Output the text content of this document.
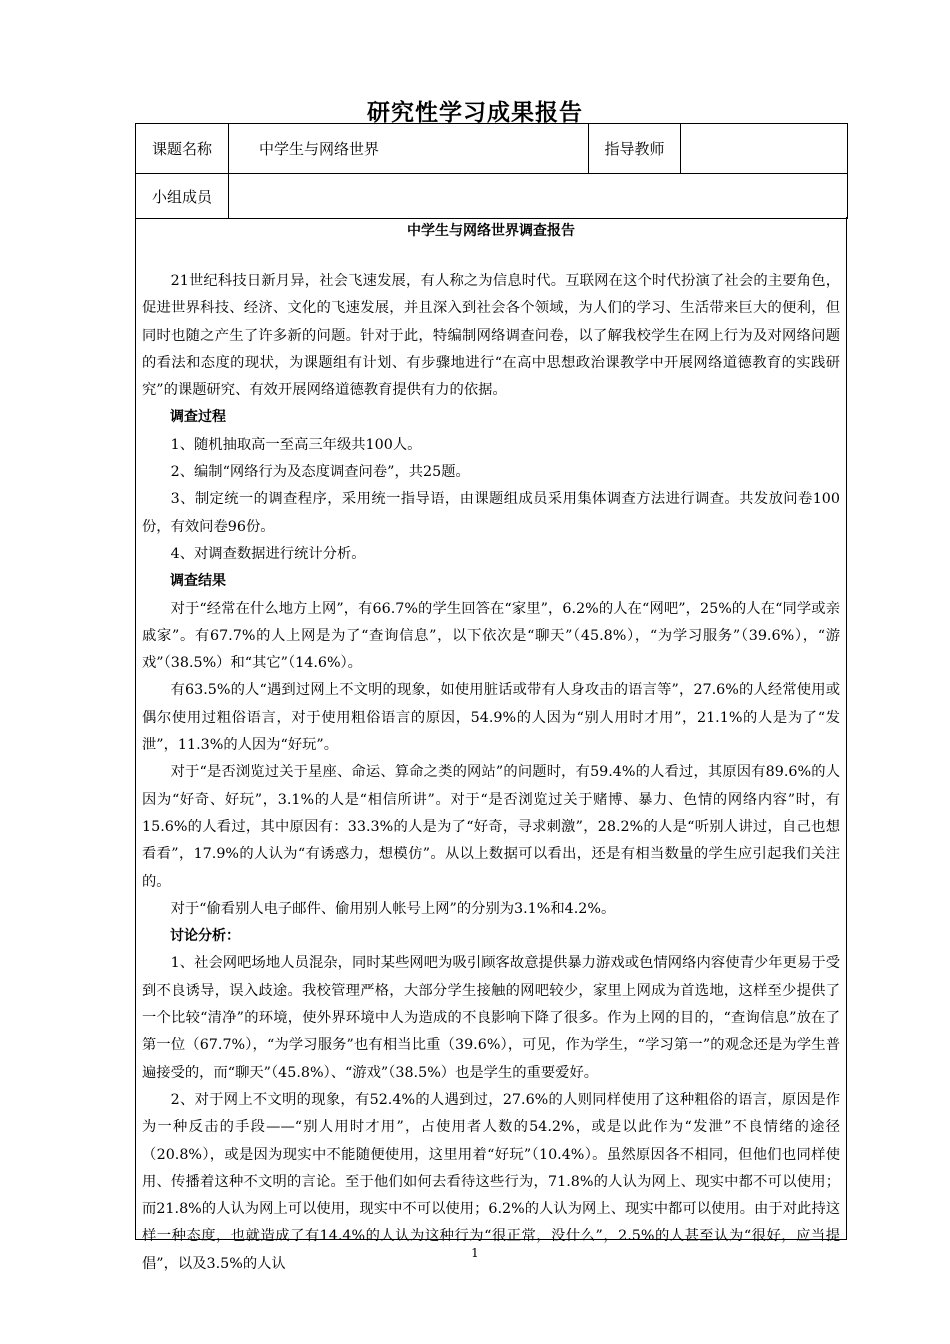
研究性学习成果报告
课题名称	中学生与网络世界	指导教师	
小组成员			
中学生与网络世界调查报告

21世纪科技日新月异，社会飞速发展，有人称之为信息时代。互联网在这个时代扮演了社会的主要角色，促进世界科技、经济、文化的飞速发展，并且深入到社会各个领域，为人们的学习、生活带来巨大的便利，但同时也随之产生了许多新的问题。针对于此，特编制网络调查问卷，以了解我校学生在网上行为及对网络问题的看法和态度的现状，为课题组有计划、有步骤地进行“在高中思想政治课教学中开展网络道德教育的实践研究”的课题研究、有效开展网络道德教育提供有力的依据。

调查过程

1、随机抽取高一至高三年级共100人。

2、编制“网络行为及态度调查问卷”，共25题。

3、制定统一的调查程序，采用统一指导语，由课题组成员采用集体调查方法进行调查。共发放问卷100份，有效问卷96份。

4、对调查数据进行统计分析。

调查结果

对于“经常在什么地方上网”，有66.7%的学生回答在“家里”，6.2%的人在“网吧”，25%的人在“同学或亲戚家”。有67.7%的人上网是为了“查询信息”，以下依次是“聊天”（45.8%），“为学习服务”（39.6%），“游戏”（38.5%）和“其它”（14.6%）。

有63.5%的人“遇到过网上不文明的现象，如使用脏话或带有人身攻击的语言等”，27.6%的人经常使用或偶尔使用过粗俗语言，对于使用粗俗语言的原因，54.9%的人因为“别人用时才用”，21.1%的人是为了“发泄”，11.3%的人因为“好玩”。

对于“是否浏览过关于星座、命运、算命之类的网站”的问题时，有59.4%的人看过，其原因有89.6%的人因为“好奇、好玩”，3.1%的人是“相信所讲”。对于“是否浏览过关于赌博、暴力、色情的网络内容”时，有15.6%的人看过，其中原因有：33.3%的人是为了“好奇，寻求刺激”，28.2%的人是“听别人讲过，自己也想看看”，17.9%的人认为“有诱惑力，想模仿”。从以上数据可以看出，还是有相当数量的学生应引起我们关注的。

对于“偷看别人电子邮件、偷用别人帐号上网”的分别为3.1%和4.2%。

讨论分析：

1、社会网吧场地人员混杂，同时某些网吧为吸引顾客故意提供暴力游戏或色情网络内容使青少年更易于受到不良诱导，误入歧途。我校管理严格，大部分学生接触的网吧较少，家里上网成为首选地，这样至少提供了一个比较“清净”的环境，使外界环境中人为造成的不良影响下降了很多。作为上网的目的，“查询信息”放在了第一位（67.7%），“为学习服务”也有相当比重（39.6%），可见，作为学生，“学习第一”的观念还是为学生普遍接受的，而“聊天”（45.8%）、“游戏”（38.5%）也是学生的重要爱好。

2、对于网上不文明的现象，有52.4%的人遇到过，27.6%的人则同样使用了这种粗俗的语言，原因是作为一种反击的手段——“别人用时才用”，占使用者人数的54.2%，或是以此作为“发泄”不良情绪的途径（20.8%），或是因为现实中不能随便使用，这里用着“好玩”（10.4%）。虽然原因各不相同，但他们也同样使用、传播着这种不文明的言论。至于他们如何去看待这些行为，71.8%的人认为网上、现实中都不可以使用；而21.8%的人认为网上可以使用，现实中不可以使用；6.2%的人认为网上、现实中都可以使用。由于对此持这样一种态度，也就造成了有14.4%的人认为这种行为“很正常，没什么”，2.5%的人甚至认为“很好，应当提倡”，以及3.5%的人认

1
